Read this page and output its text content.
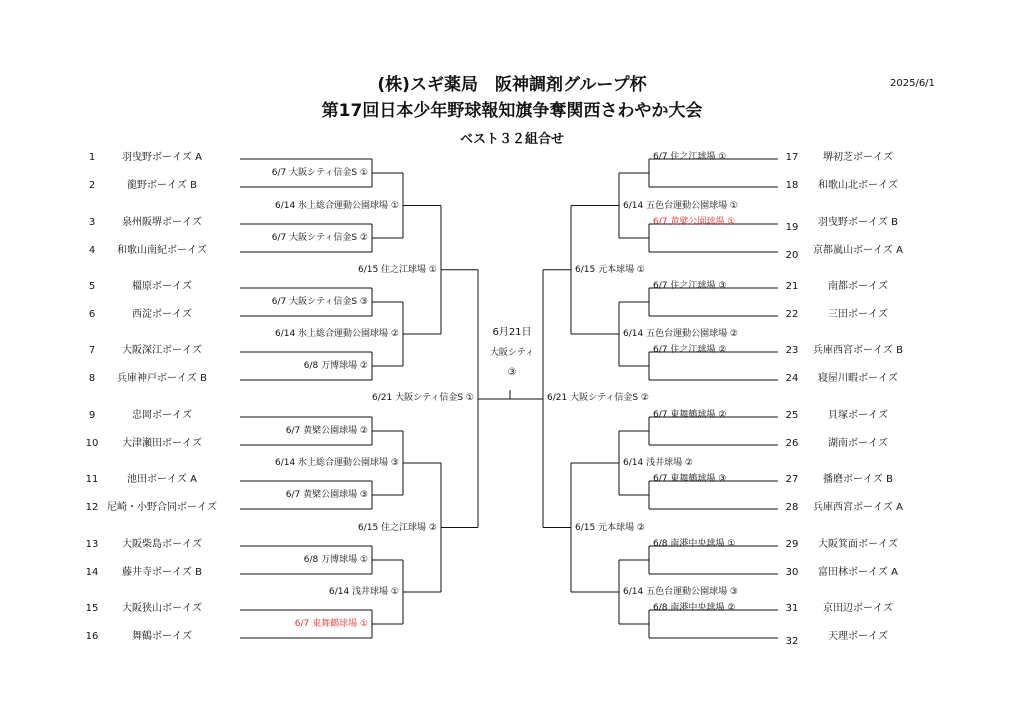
(株)スギ薬局　阪神調剤グループ杯
第17回日本少年野球報知旗争奪関西さわやか大会
ベスト３２組合せ
2025/6/1
1	羽曳野ボーイズ A
2	龍野ボーイズ B
3	泉州阪堺ボーイズ
4	和歌山南紀ボーイズ
5	橿原ボーイズ
6	西淀ボーイズ
7	大阪深江ボーイズ
8	兵庫神戸ボーイズ B
9	忠岡ボーイズ
10	大津瀬田ボーイズ
11	池田ボーイズ A
12 尼崎・小野合同ボーイズ
13	大阪柴島ボーイズ
14	藤井寺ボーイズ B
15	大阪狭山ボーイズ
16	舞鶴ボーイズ
17	堺初芝ボーイズ
18	和歌山北ボーイズ
19	羽曳野ボーイズ B
20	京都嵐山ボーイズ A
21	南都ボーイズ
22	三田ボーイズ
23	兵庫西宮ボーイズ B
24	寝屋川暇ボーイズ
25	貝塚ボーイズ
26	湖南ボーイズ
27	播磨ボーイズ B
28	兵庫西宮ボーイズ A
29	大阪箕面ボーイズ
30	富田林ボーイズ A
31	京田辺ボーイズ
32	天理ボーイズ
6/7 大阪シティ信金S ①
6/7 大阪シティ信金S ②
6/7 大阪シティ信金S ③
6/8 万博球場 ②
6/7 黄檗公園球場 ②
6/7 黄檗公園球場 ③
6/8 万博球場 ①
6/7 東舞鶴球場 ①
6/14 氷上総合運動公園球場 ①
6/14 氷上総合運動公園球場 ②
6/14 氷上総合運動公園球場 ③
6/14 浅井球場 ①
6/15 住之江球場 ①
6/15 住之江球場 ②
6/21 大阪シティ信金S ①
6/7 住之江球場 ①
6/7 黄檗公園球場 ①
6/7 住之江球場 ③
6/7 住之江球場 ②
6/7 東舞鶴球場 ②
6/7 東舞鶴球場 ③
6/8 南港中央球場 ①
6/8 南港中央球場 ②
6/14 五色台運動公園球場 ①
6/14 五色台運動公園球場 ②
6/14 浅井球場 ②
6/14 五色台運動公園球場 ③
6/15 元本球場 ①
6/15 元本球場 ②
6/21 大阪シティ信金S ②
6月21日
大阪シティ
③
